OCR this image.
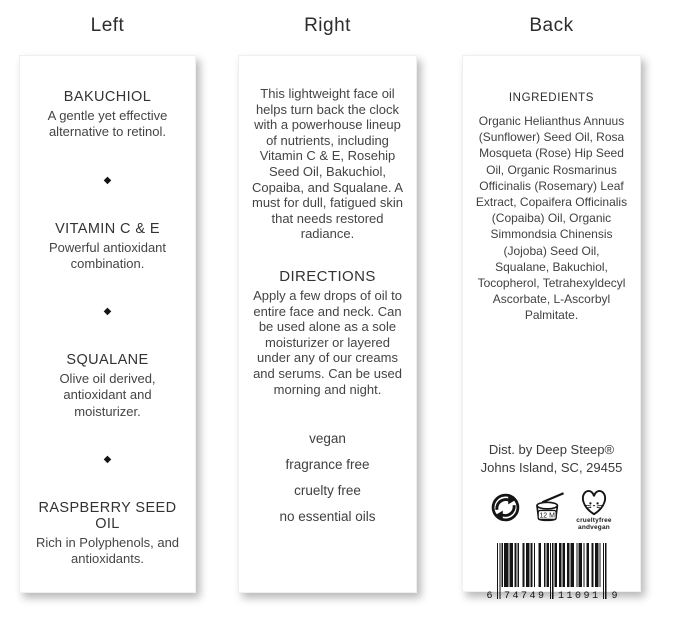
Left	Right	Back

BAKUCHIOL

A gentle yet effective alternative to retinol.

◆

VITAMIN C & E

Powerful antioxidant combination.

◆

SQUALANE

Olive oil derived, antioxidant and moisturizer.

◆

RASPBERRY SEED OIL

Rich in Polyphenols, and antioxidants.

This lightweight face oil helps turn back the clock with a powerhouse lineup of nutrients, including Vitamin C & E, Rosehip Seed Oil, Bakuchiol, Copaiba, and Squalane. A must for dull, fatigued skin that needs restored radiance.

DIRECTIONS

Apply a few drops of oil to entire face and neck. Can be used alone as a sole moisturizer or layered under any of our creams and serums. Can be used morning and night.

vegan

fragrance free

cruelty free

no essential oils

INGREDIENTS

Organic Helianthus Annuus (Sunflower) Seed Oil, Rosa Mosqueta (Rose) Hip Seed Oil, Organic Rosmarinus Officinalis (Rosemary) Leaf Extract, Copaifera Officinalis (Copaiba) Oil, Organic Simmondsia Chinensis (Jojoba) Seed Oil, Squalane, Bakuchiol, Tocopherol, Tetrahexyldecyl Ascorbate, L-Ascorbyl Palmitate.

Dist. by Deep Steep®
Johns Island, SC, 29455
12 M
crueltyfree
andvegan
6	74749	11091 9
